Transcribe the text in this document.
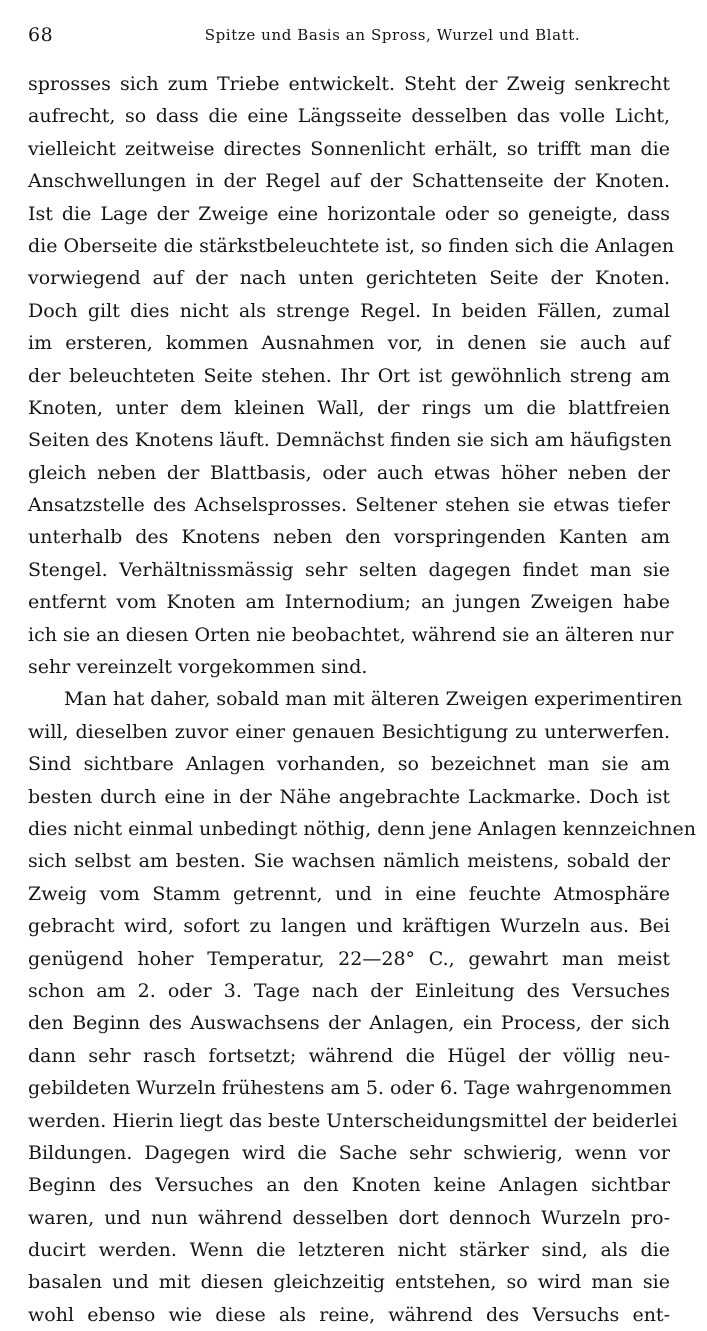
68	Spitze und Basis an Spross, Wurzel und Blatt.
sprosses sich zum Triebe entwickelt. Steht der Zweig senkrecht
aufrecht, so dass die eine Längsseite desselben das volle Licht,
vielleicht zeitweise directes Sonnenlicht erhält, so trifft man die
Anschwellungen in der Regel auf der Schattenseite der Knoten.
Ist die Lage der Zweige eine horizontale oder so geneigte, dass
die Oberseite die stärkstbeleuchtete ist, so finden sich die Anlagen
vorwiegend auf der nach unten gerichteten Seite der Knoten.
Doch gilt dies nicht als strenge Regel. In beiden Fällen, zumal
im ersteren, kommen Ausnahmen vor, in denen sie auch auf
der beleuchteten Seite stehen. Ihr Ort ist gewöhnlich streng am
Knoten, unter dem kleinen Wall, der rings um die blattfreien
Seiten des Knotens läuft. Demnächst finden sie sich am häufigsten
gleich neben der Blattbasis, oder auch etwas höher neben der
Ansatzstelle des Achselsprosses. Seltener stehen sie etwas tiefer
unterhalb des Knotens neben den vorspringenden Kanten am
Stengel. Verhältnissmässig sehr selten dagegen findet man sie
entfernt vom Knoten am Internodium; an jungen Zweigen habe
ich sie an diesen Orten nie beobachtet, während sie an älteren nur
sehr vereinzelt vorgekommen sind.
Man hat daher, sobald man mit älteren Zweigen experimentiren
will, dieselben zuvor einer genauen Besichtigung zu unterwerfen.
Sind sichtbare Anlagen vorhanden, so bezeichnet man sie am
besten durch eine in der Nähe angebrachte Lackmarke. Doch ist
dies nicht einmal unbedingt nöthig, denn jene Anlagen kennzeichnen
sich selbst am besten. Sie wachsen nämlich meistens, sobald der
Zweig vom Stamm getrennt, und in eine feuchte Atmosphäre
gebracht wird, sofort zu langen und kräftigen Wurzeln aus. Bei
genügend hoher Temperatur, 22—28° C., gewahrt man meist
schon am 2. oder 3. Tage nach der Einleitung des Versuches
den Beginn des Auswachsens der Anlagen, ein Process, der sich
dann sehr rasch fortsetzt; während die Hügel der völlig neu-
gebildeten Wurzeln frühestens am 5. oder 6. Tage wahrgenommen
werden. Hierin liegt das beste Unterscheidungsmittel der beiderlei
Bildungen. Dagegen wird die Sache sehr schwierig, wenn vor
Beginn des Versuches an den Knoten keine Anlagen sichtbar
waren, und nun während desselben dort dennoch Wurzeln pro-
ducirt werden. Wenn die letzteren nicht stärker sind, als die
basalen und mit diesen gleichzeitig entstehen, so wird man sie
wohl ebenso wie diese als reine, während des Versuchs ent-
